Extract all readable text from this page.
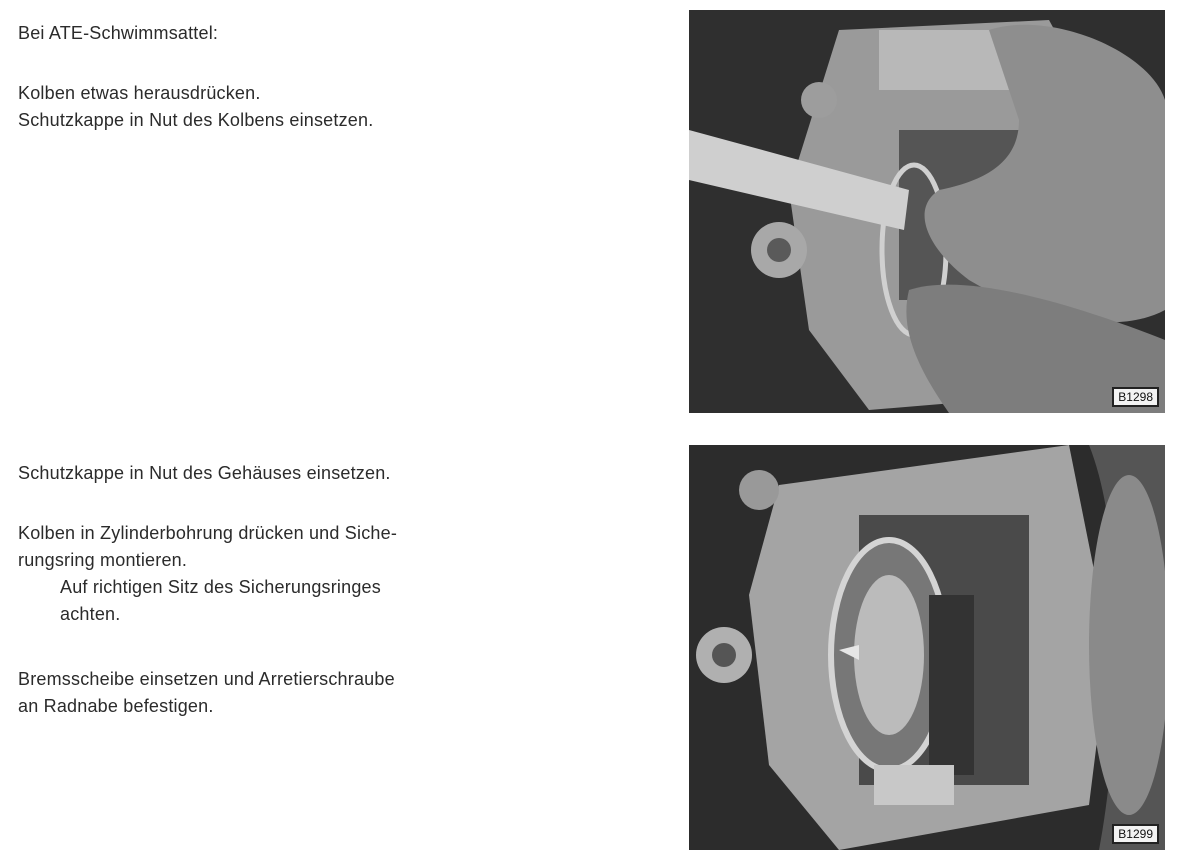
Bei ATE-Schwimmsattel:

Kolben etwas herausdrücken.

Schutzkappe in Nut des Kolbens einsetzen.

Schutzkappe in Nut des Gehäuses einsetzen.

Kolben in Zylinderbohrung drücken und Siche-
rungsring montieren.
Auf richtigen Sitz des Sicherungsringes
achten.
Bremsscheibe einsetzen und Arretierschraube
an Radnabe befestigen.
B1298
B1299
